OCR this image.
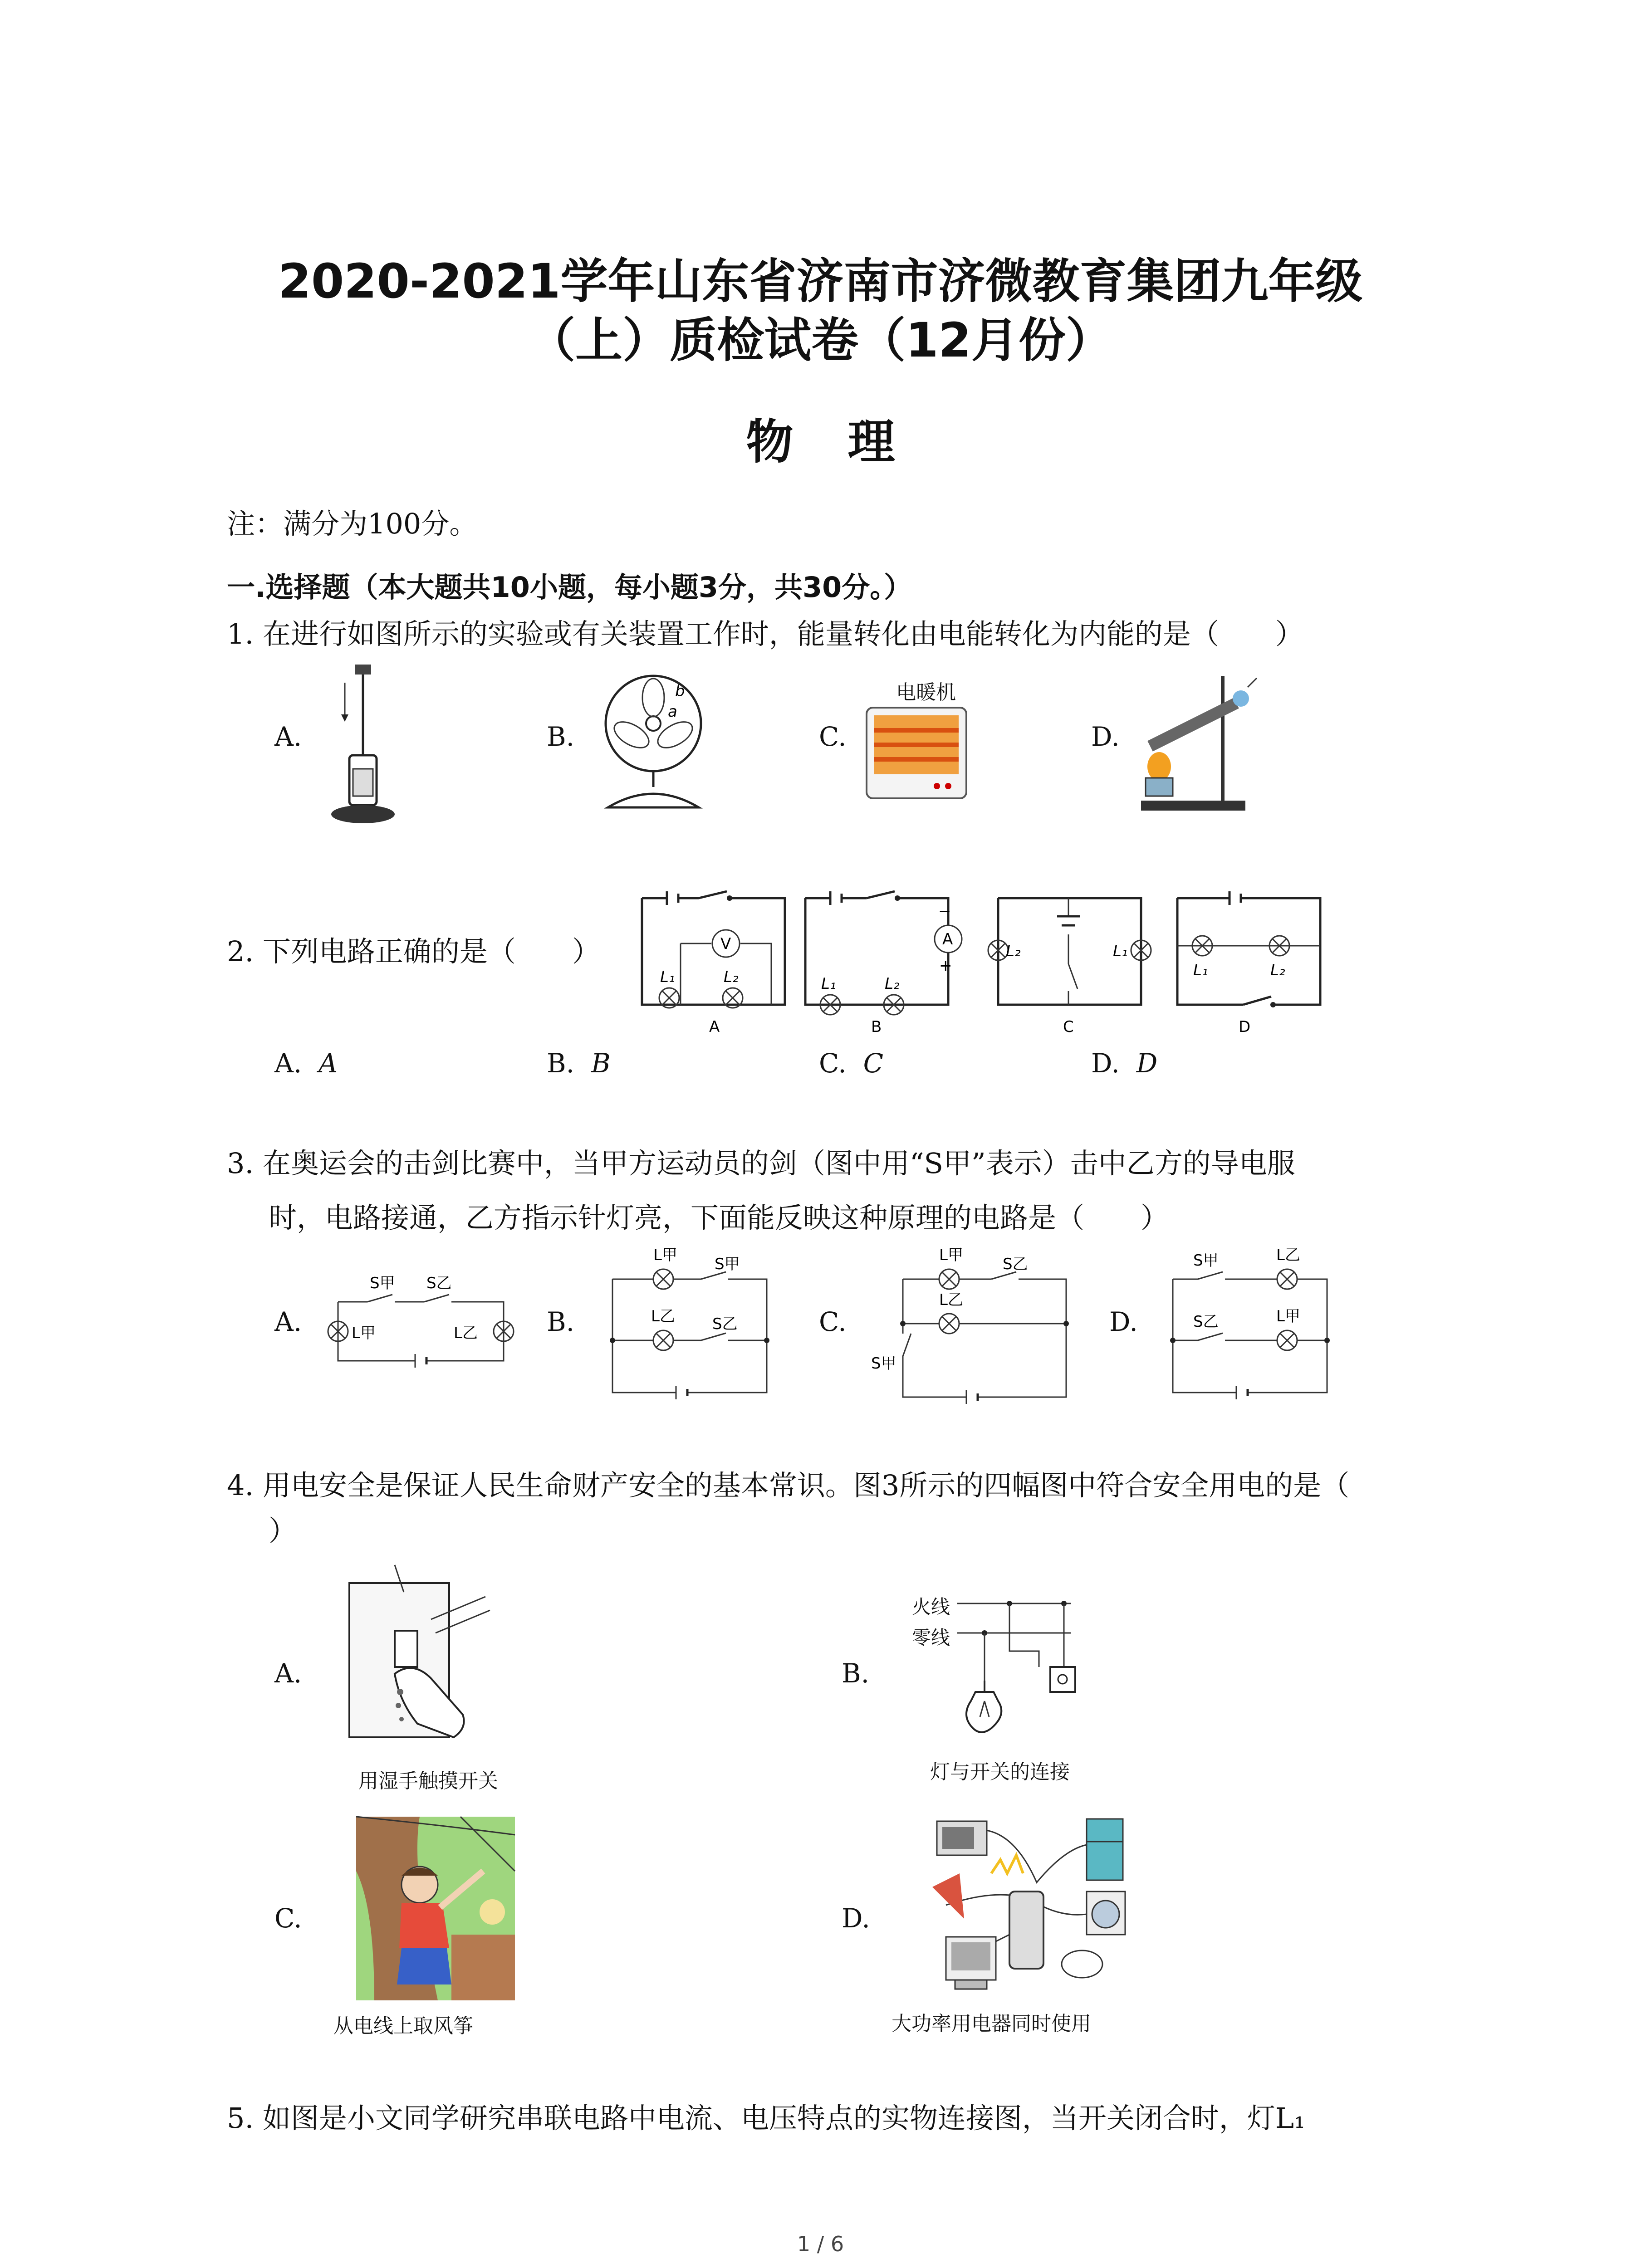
2020-2021学年山东省济南市济微教育集团九年级
（上）质检试卷（12月份）
物理
注：满分为100分。
一.选择题（本大题共10小题，每小题3分，共30分。）
1. 在进行如图所示的实验或有关装置工作时，能量转化由电能转化为内能的是（　　）
A.	B.
b
a
C.
电暖机
D.
2. 下列电路正确的是（　　）	V
L₁	L₂
A
A
−
+
L₁	L₂
B
L₂	L₁
C
L₁	L₂
D
A. A	B. B	C. C	D. D
3. 在奥运会的击剑比赛中，当甲方运动员的剑（图中用“S甲”表示）击中乙方的导电服
时，电路接通，乙方指示针灯亮，下面能反映这种原理的电路是（　　）
A.
S甲 S乙
L甲	L乙	B.
L甲 S甲
L乙 S乙	C.
L甲	S乙
L乙
S甲
D.
S甲	L乙
S乙	L甲
4. 用电安全是保证人民生命财产安全的基本常识。图3所示的四幅图中符合安全用电的是（
）
A.
用湿手触摸开关
B.
火线
零线
灯与开关的连接
C.
从电线上取风筝
D.
大功率用电器同时使用
5. 如图是小文同学研究串联电路中电流、电压特点的实物连接图，当开关闭合时，灯L₁
1 / 6
